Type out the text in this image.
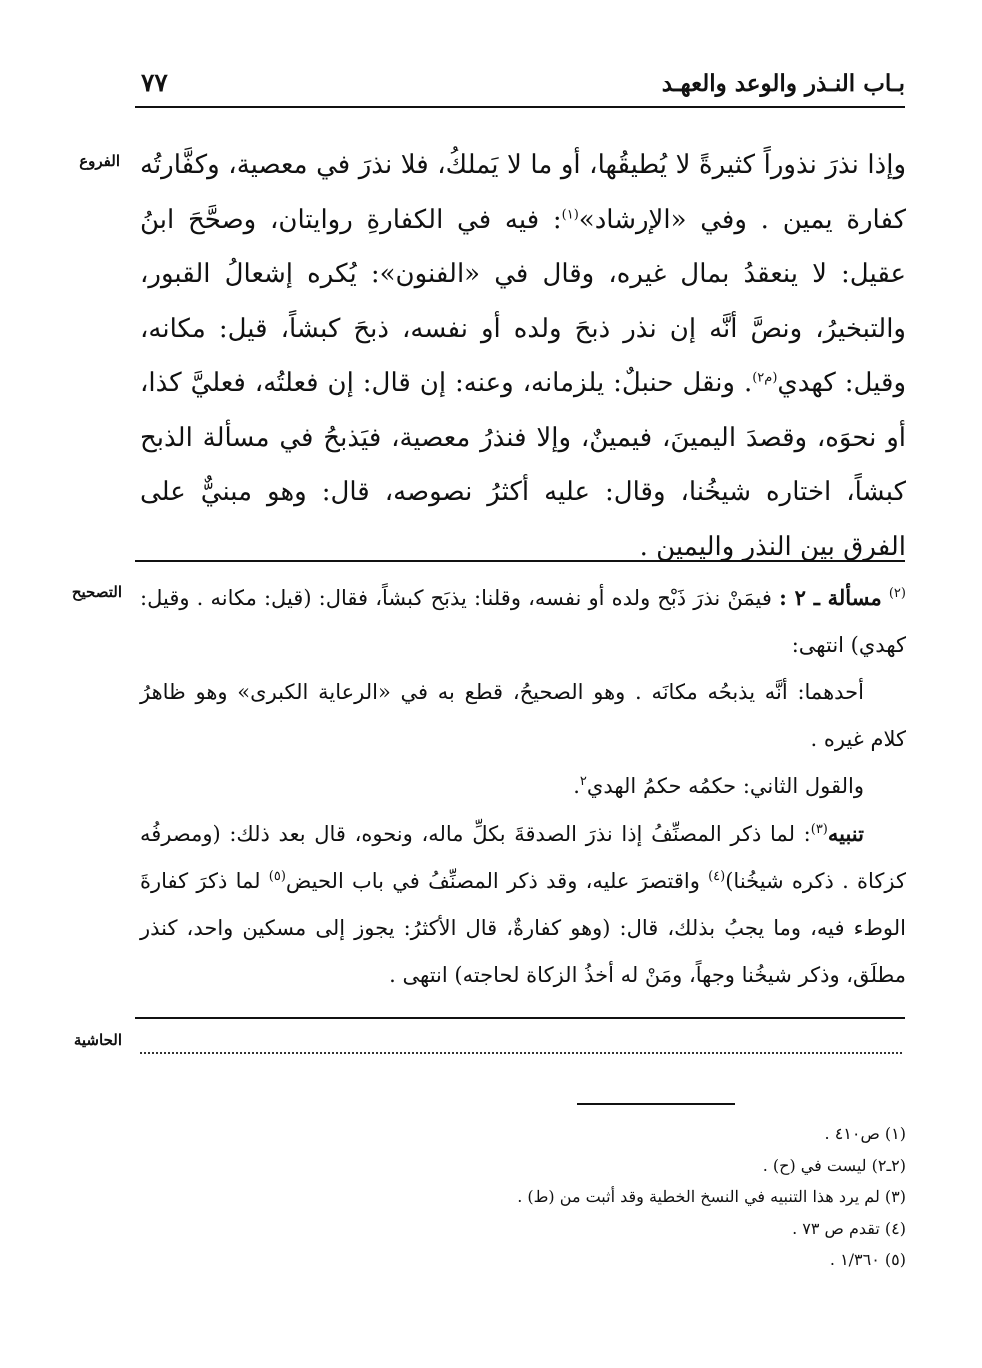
بـاب النـذر والوعد والعهـد
٧٧
الفروع وإذا نذرَ نذوراً كثيرةً لا يُطيقُها، أو ما لا يَملكُ، فلا نذرَ في معصية، وكفَّارتُه كفارة يمين . وفي «الإرشاد»$^{(١)}$: فيه في الكفارةِ روايتان، وصحَّحَ ابنُ عقيل: لا ينعقدُ بمال غيره، وقال في «الفنون»: يُكره إشعالُ القبور، والتبخيرُ، ونصَّ أنَّه إن نذر ذبحَ ولده أو نفسه، ذبحَ كبشاً، قيل: مكانه، وقيل: كهدي$^{(م٢)}$. ونقل حنبلٌ: يلزمانه، وعنه: إن قال: إن فعلتُه، فعليَّ كذا، أو نحوَه، وقصدَ اليمينَ، فيمينٌ، وإلا فنذرُ معصية، فيَذبحُ في مسألة الذبح كبشاً، اختاره شيخُنا، وقال: عليه أكثرُ نصوصه، قال: وهو مبنيٌّ على الفرق بين النذر واليمين .
التصحيح	$^{(٢)}$ مسألة ـ ٢ : فيمَنْ نذرَ ذَبْح ولده أو نفسه، وقلنا: يذبَح كبشاً، فقال: (قيل: مكانه . وقيل: كهدي) انتهى:

أحدهما: أنَّه يذبحُه مكانَه . وهو الصحيحُ، قطع به في «الرعاية الكبرى» وهو ظاهرُ كلام غيره .

والقول الثاني: حكمُه حكمُ الهدي$^٢$.

تنبيه$^{(٣)}$: لما ذكر المصنِّفُ إذا نذرَ الصدقةَ بكلِّ ماله، ونحوه، قال بعد ذلك: (ومصرفُه كزكاة . ذكره شيخُنا)$^{(٤)}$ واقتصرَ عليه، وقد ذكر المصنِّفُ في باب الحيض$^{(٥)}$ لما ذكرَ كفارةَ الوطء فيه، وما يجبُ بذلك، قال: (وهو كفارةٌ، قال الأكثرُ: يجوز إلى مسكين واحد، كنذر مطلَق، وذكر شيخُنا وجهاً، ومَنْ له أخذُ الزكاة لحاجته) انتهى .

الحاشية
(١) ص٤١٠ .
(٢ـ٢) ليست في (ح) .
(٣) لم يرد هذا التنبيه في النسخ الخطية وقد أثبت من (ط) .
(٤) تقدم ص ٧٣ .
(٥) ١/٣٦٠ .
